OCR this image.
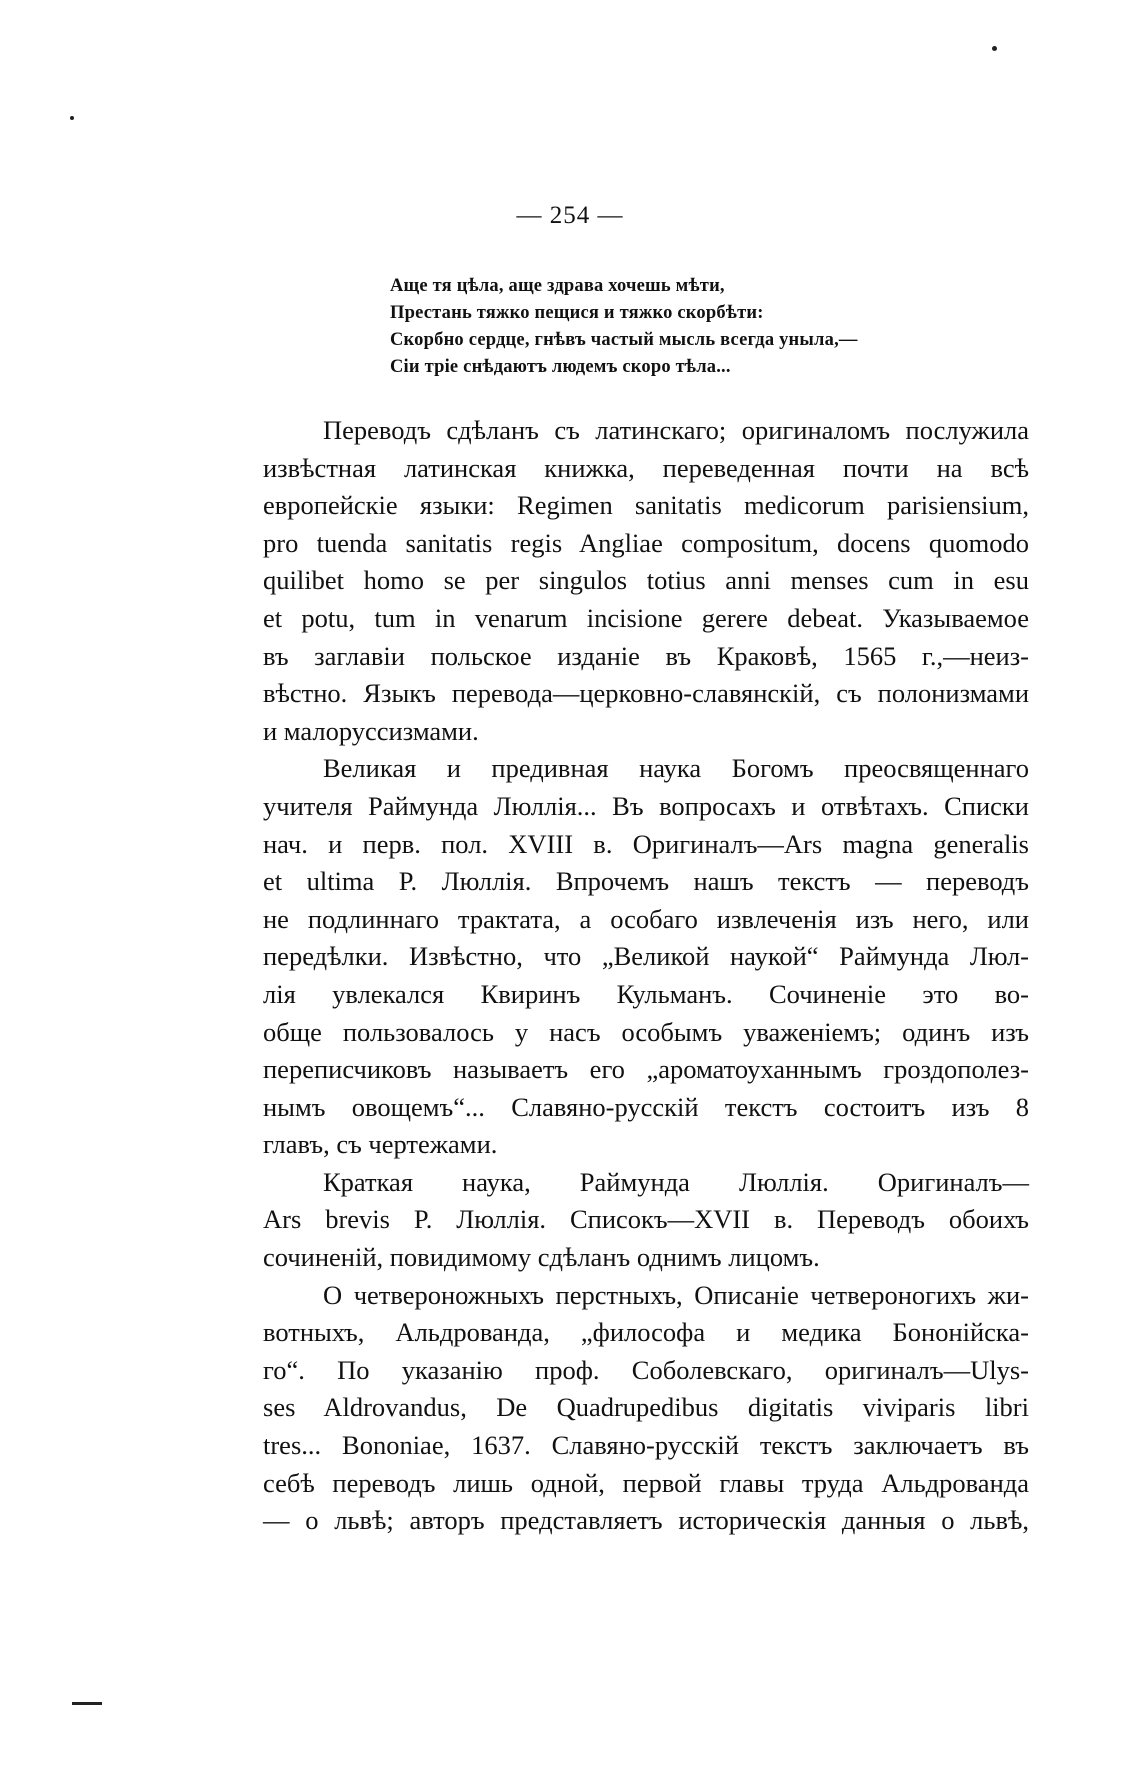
— 254 —
Аще тя цѣла, аще здрава хочешь мѣти,
Престань тяжко пещися и тяжко скорбѣти:
Скорбно сердце, гнѣвъ частый мысль всегда уныла,—
Сiи трiе снѣдаютъ людемъ скоро тѣла...
Переводъ сдѣланъ съ латинскаго; оригиналомъ послужила
извѣстная латинская книжка, переведенная почти на всѣ
европейскiе языки: Regimen sanitatis medicorum parisiensium,
pro tuenda sanitatis regis Angliae compositum, docens quomodo
quilibet homo se per singulos totius anni menses cum in esu
et potu, tum in venarum incisione gerere debeat. Указываемое
въ заглавiи польское изданiе въ Краковѣ, 1565 г.,—неиз-
вѣстно. Языкъ перевода—церковно-славянскiй, съ полонизмами
и малоруссизмами.
Великая и предивная наука Богомъ преосвященнаго
учителя Раймунда Люллiя... Въ вопросахъ и отвѣтахъ. Списки
нач. и перв. пол. XVIII в. Оригиналъ—Ars magna generalis
et ultima P. Люллiя. Впрочемъ нашъ текстъ — переводъ
не подлиннаго трактата, а особаго извлеченiя изъ него, или
передѣлки. Извѣстно, что „Великой наукой“ Раймунда Люл-
лiя увлекался Квиринъ Кульманъ. Сочиненiе это во-
обще пользовалось у насъ особымъ уваженiемъ; одинъ изъ
переписчиковъ называетъ его „ароматоуханнымъ гроздополез-
нымъ овощемъ“... Славяно-русскiй текстъ состоитъ изъ 8
главъ, съ чертежами.
Краткая наука, Раймунда Люллiя. Оригиналъ—
Ars brevis P. Люллiя. Списокъ—XVII в. Переводъ обоихъ
сочиненiй, повидимому сдѣланъ однимъ лицомъ.
О четвероножныхъ перстныхъ, Описанiе четвероногихъ жи-
вотныхъ, Альдрованда, „философа и медика Бононiйска-
го“. По указанiю проф. Соболевскаго, оригиналъ—Ulys-
ses Aldrovandus, De Quadrupedibus digitatis viviparis libri
tres... Bononiae, 1637. Славяно-русскiй текстъ заключаетъ въ
себѣ переводъ лишь одной, первой главы труда Альдрованда
— о львѣ; авторъ представляетъ историческiя данныя о львѣ,
